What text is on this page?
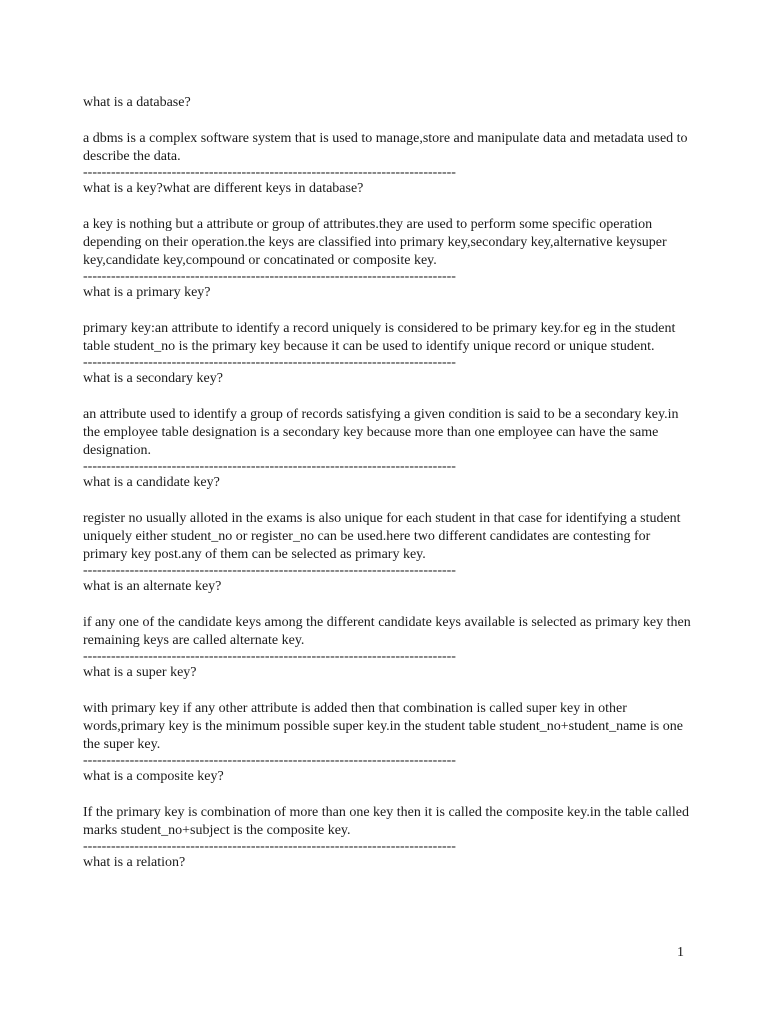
what is a database?

a dbms is a complex software system that is used to manage,store and manipulate data and metadata used to describe the data.

--------------------------------------------------------------------------------

what is a key?what are different keys in database?

a key is nothing but a attribute or group of attributes.they are used to perform some specific operation depending on their operation.the keys are classified into primary key,secondary key,alternative keysuper key,candidate key,compound or concatinated or composite key.

--------------------------------------------------------------------------------

what is a primary key?

primary key:an attribute to identify a record uniquely is considered to be primary key.for eg in the student table student_no is the primary key because it can be used to identify unique record or unique student.

--------------------------------------------------------------------------------

what is a secondary key?

an attribute used to identify a group of records satisfying a given condition is said to be a secondary key.in the employee table designation is a secondary key because more than one employee can have the same designation.

--------------------------------------------------------------------------------

what is a candidate key?

register no usually alloted in the exams is also unique for each student in that case for identifying a student uniquely either student_no or register_no can be used.here two different candidates are contesting for primary key post.any of them can be selected as primary key.

--------------------------------------------------------------------------------

what is an alternate key?

if any one of the candidate keys among the different candidate keys available is selected as primary key then remaining keys are called alternate key.

--------------------------------------------------------------------------------

what is a super key?

with primary key if any other attribute is added then that combination is called super key in other words,primary key is the minimum possible super key.in the student table student_no+student_name is one the super key.

--------------------------------------------------------------------------------

what is a composite key?

If the primary key is combination of more than one key then it is called the composite key.in the table called marks student_no+subject is the composite key.

--------------------------------------------------------------------------------

what is a relation?

1
